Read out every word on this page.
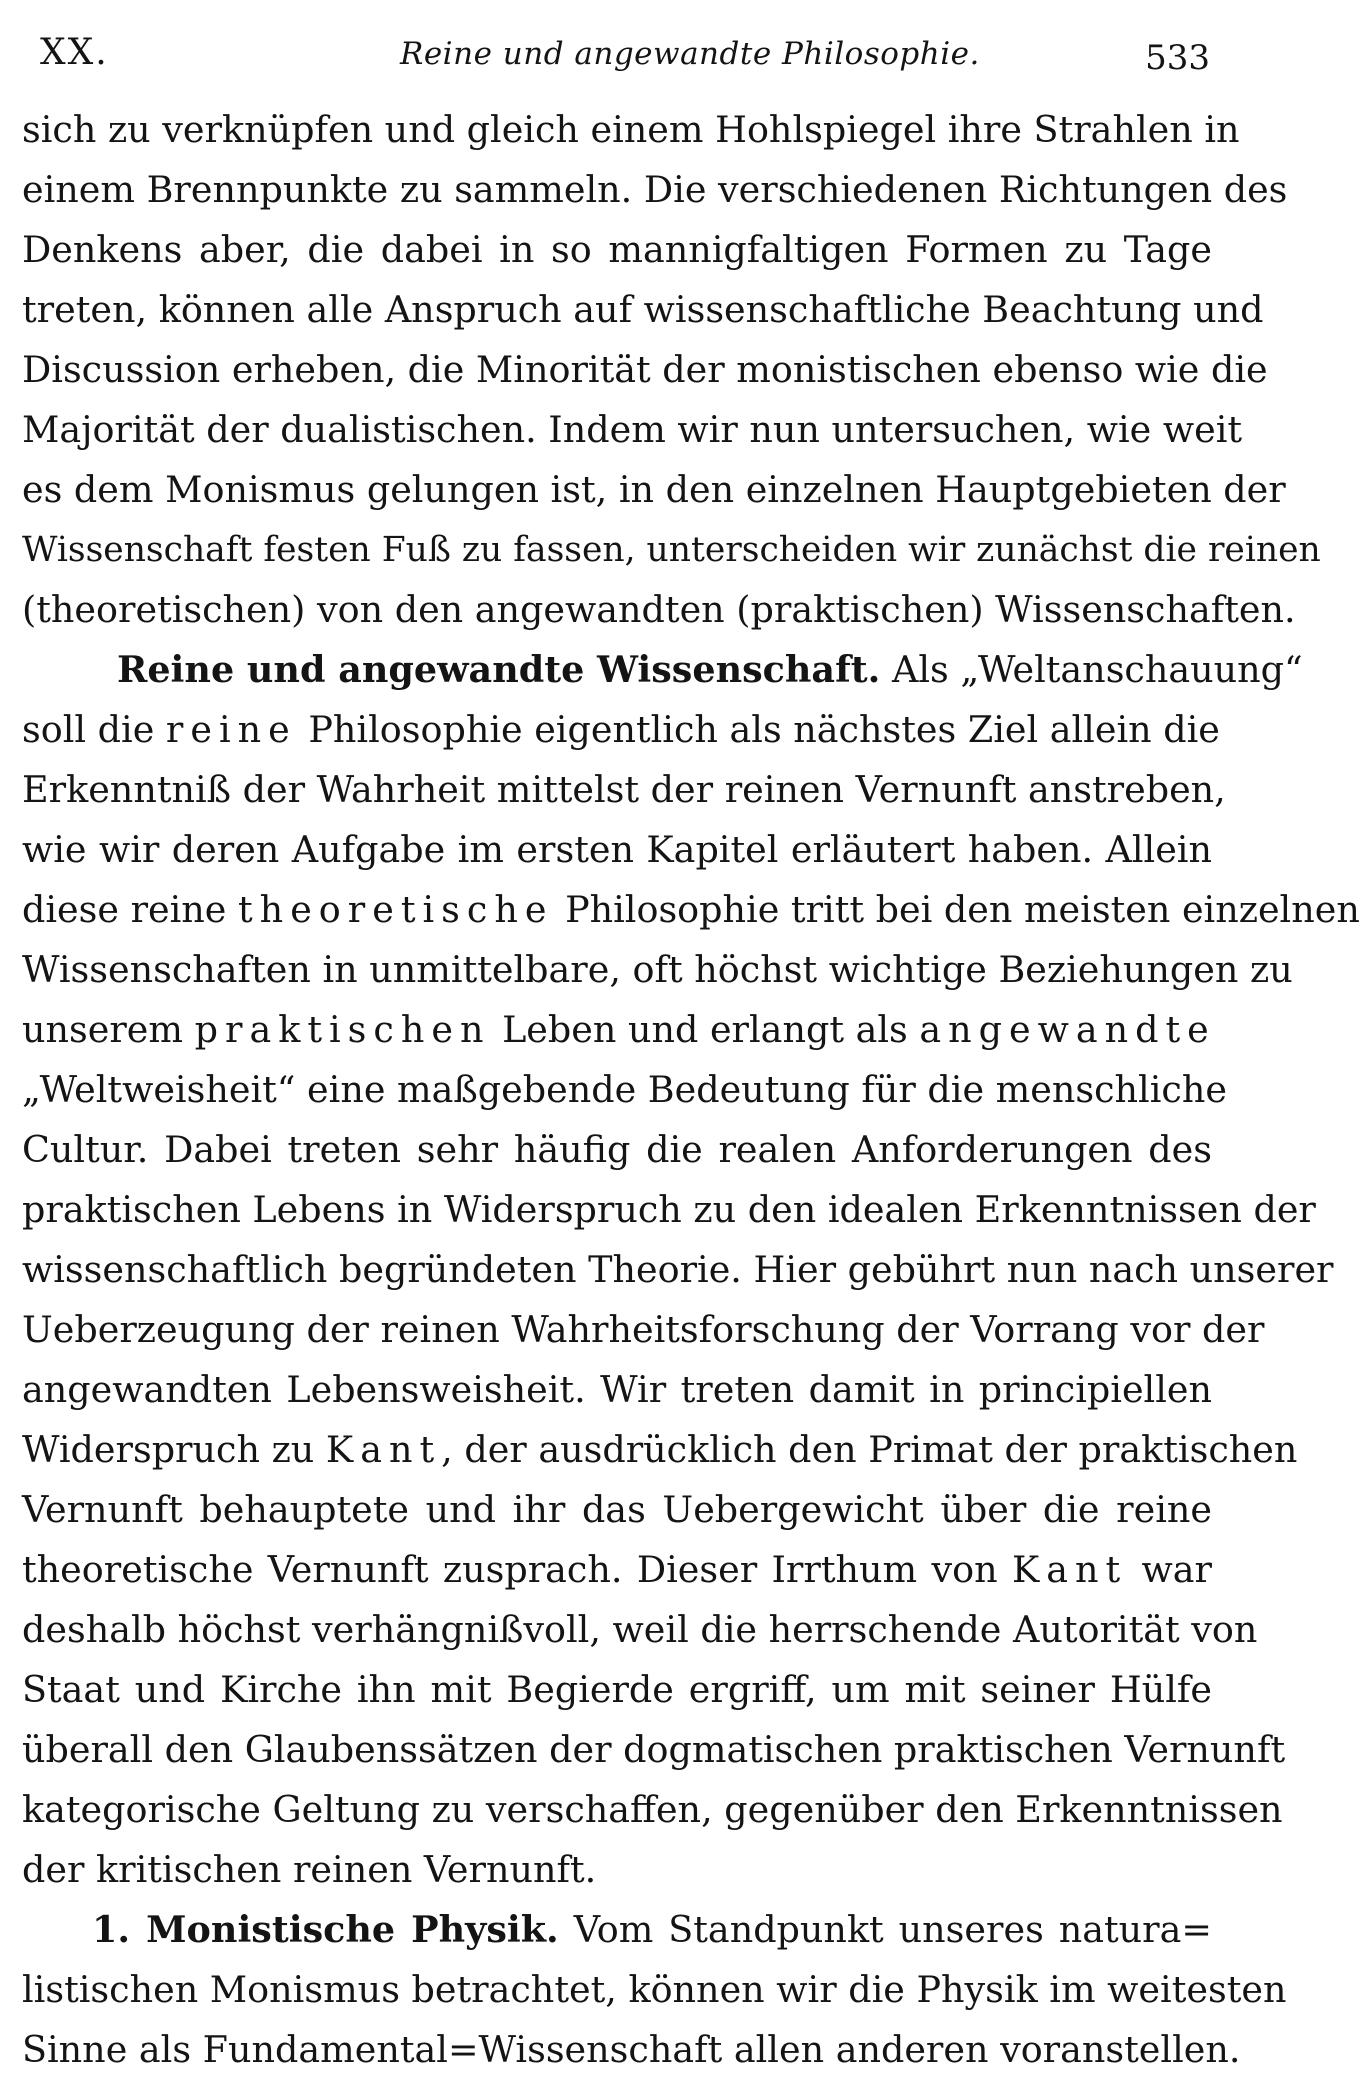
XX.	Reine und angewandte Philosophie.	533
sich zu verknüpfen und gleich einem Hohlspiegel ihre Strahlen in
einem Brennpunkte zu sammeln. Die verschiedenen Richtungen des
Denkens aber, die dabei in so mannigfaltigen Formen zu Tage
treten, können alle Anspruch auf wissenschaftliche Beachtung und
Discussion erheben, die Minorität der monistischen ebenso wie die
Majorität der dualistischen. Indem wir nun untersuchen, wie weit
es dem Monismus gelungen ist, in den einzelnen Hauptgebieten der
Wissenschaft festen Fuß zu fassen, unterscheiden wir zunächst die reinen
(theoretischen) von den angewandten (praktischen) Wissenschaften.
Reine und angewandte Wissenschaft. Als „Weltanschauung“
soll die reine Philosophie eigentlich als nächstes Ziel allein die
Erkenntniß der Wahrheit mittelst der reinen Vernunft anstreben,
wie wir deren Aufgabe im ersten Kapitel erläutert haben. Allein
diese reine theoretische Philosophie tritt bei den meisten einzelnen
Wissenschaften in unmittelbare, oft höchst wichtige Beziehungen zu
unserem praktischen Leben und erlangt als angewandte
„Weltweisheit“ eine maßgebende Bedeutung für die menschliche
Cultur. Dabei treten sehr häufig die realen Anforderungen des
praktischen Lebens in Widerspruch zu den idealen Erkenntnissen der
wissenschaftlich begründeten Theorie. Hier gebührt nun nach unserer
Ueberzeugung der reinen Wahrheitsforschung der Vorrang vor der
angewandten Lebensweisheit. Wir treten damit in principiellen
Widerspruch zu Kant, der ausdrücklich den Primat der praktischen
Vernunft behauptete und ihr das Uebergewicht über die reine
theoretische Vernunft zusprach. Dieser Irrthum von Kant war
deshalb höchst verhängnißvoll, weil die herrschende Autorität von
Staat und Kirche ihn mit Begierde ergriff, um mit seiner Hülfe
überall den Glaubenssätzen der dogmatischen praktischen Vernunft
kategorische Geltung zu verschaffen, gegenüber den Erkenntnissen
der kritischen reinen Vernunft.
1. Monistische Physik. Vom Standpunkt unseres natura=
listischen Monismus betrachtet, können wir die Physik im weitesten
Sinne als Fundamental=Wissenschaft allen anderen voranstellen.
